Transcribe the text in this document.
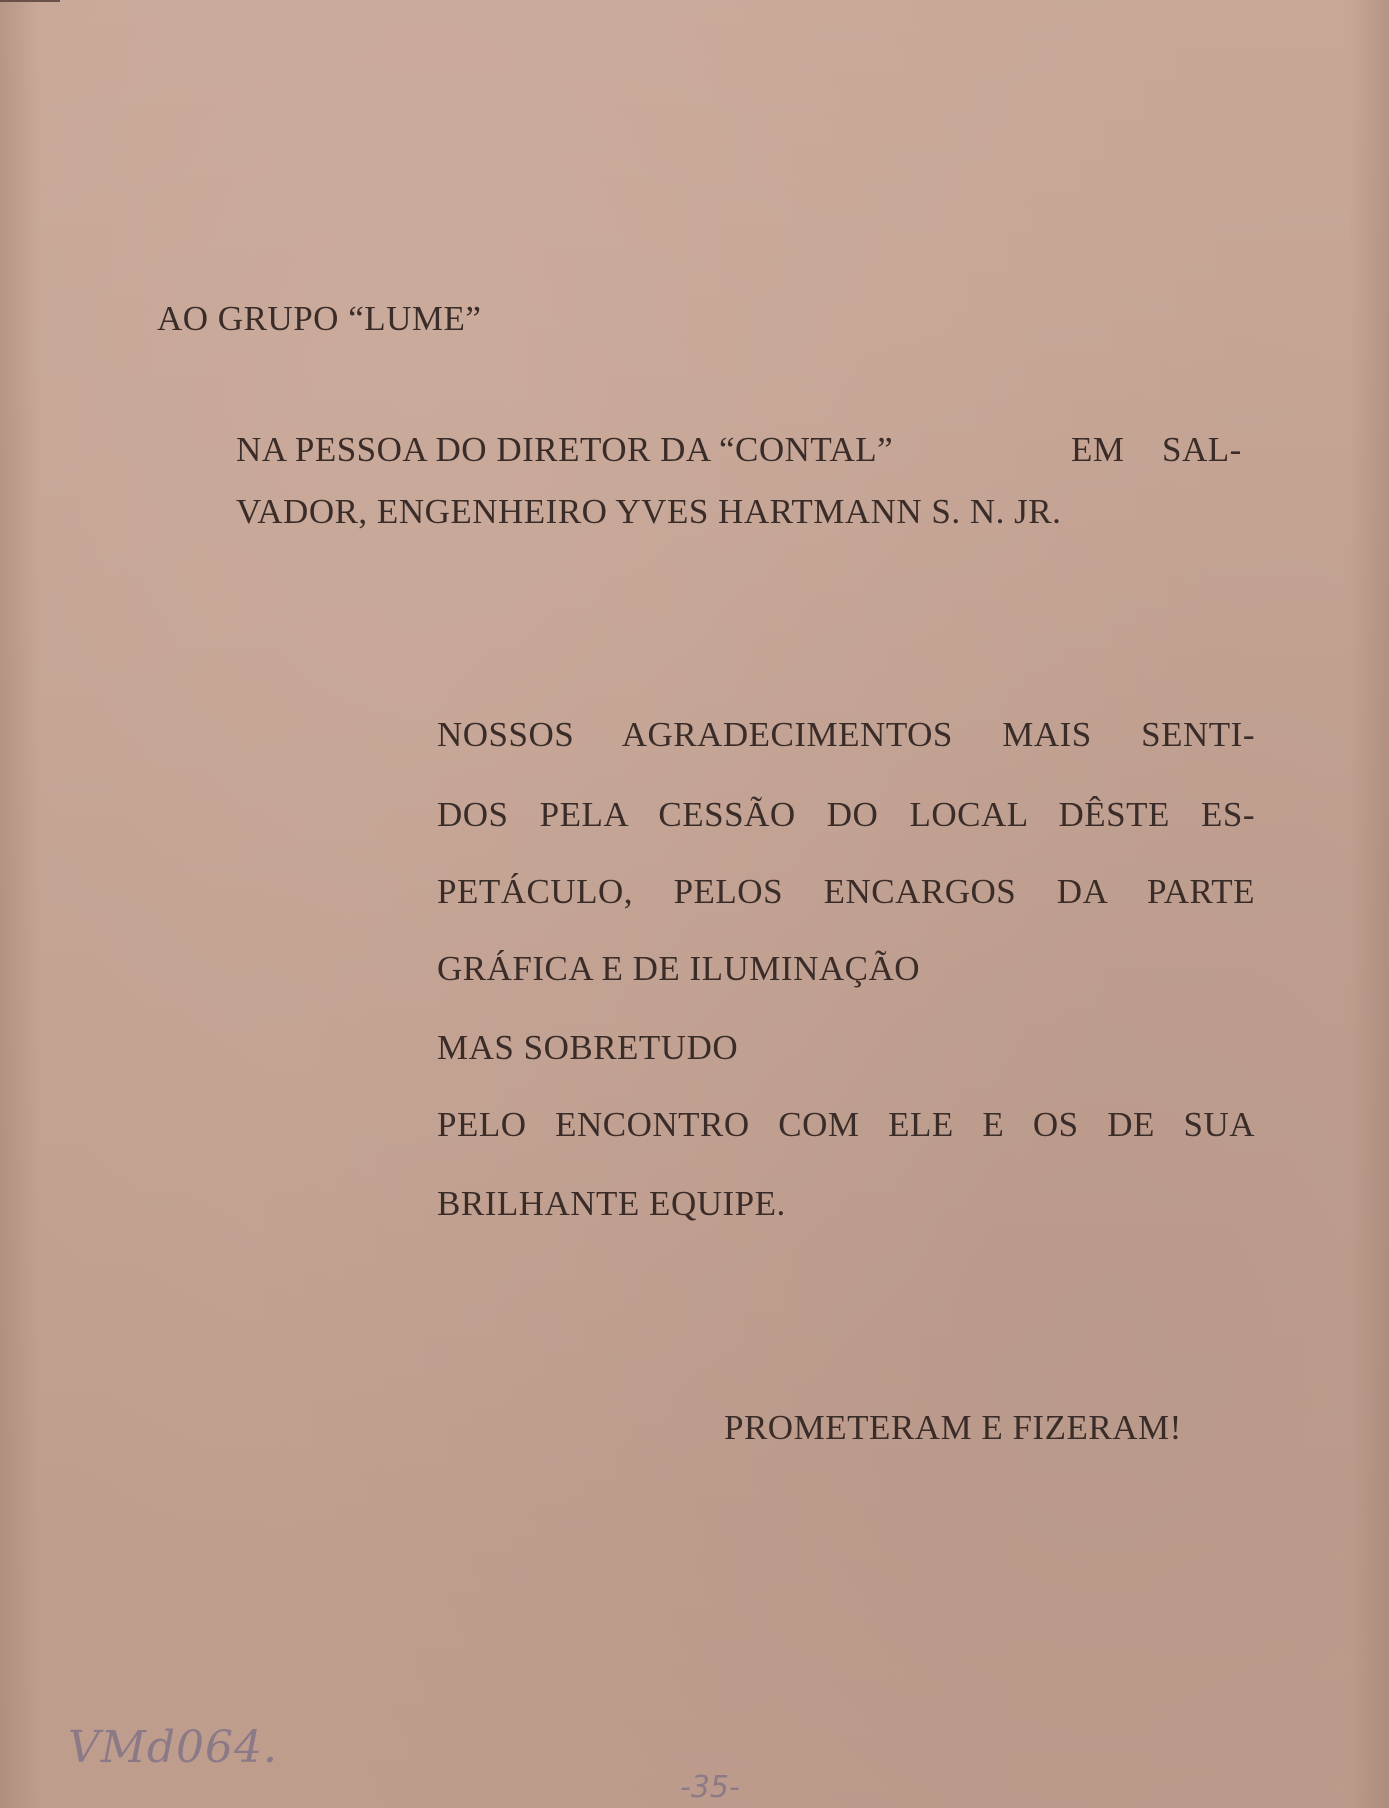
AO GRUPO “LUME”
NA PESSOA DO DIRETOR DA “CONTAL”	EM SAL-
VADOR, ENGENHEIRO YVES HARTMANN S. N. JR.
NOSSOS AGRADECIMENTOS MAIS SENTI-
DOS PELA CESSÃO DO LOCAL DÊSTE ES-
PETÁCULO, PELOS ENCARGOS DA PARTE
GRÁFICA E DE ILUMINAÇÃO
MAS SOBRETUDO
PELO ENCONTRO COM ELE E OS DE SUA
BRILHANTE EQUIPE.
PROMETERAM E FIZERAM!
VMd064.
-35-
